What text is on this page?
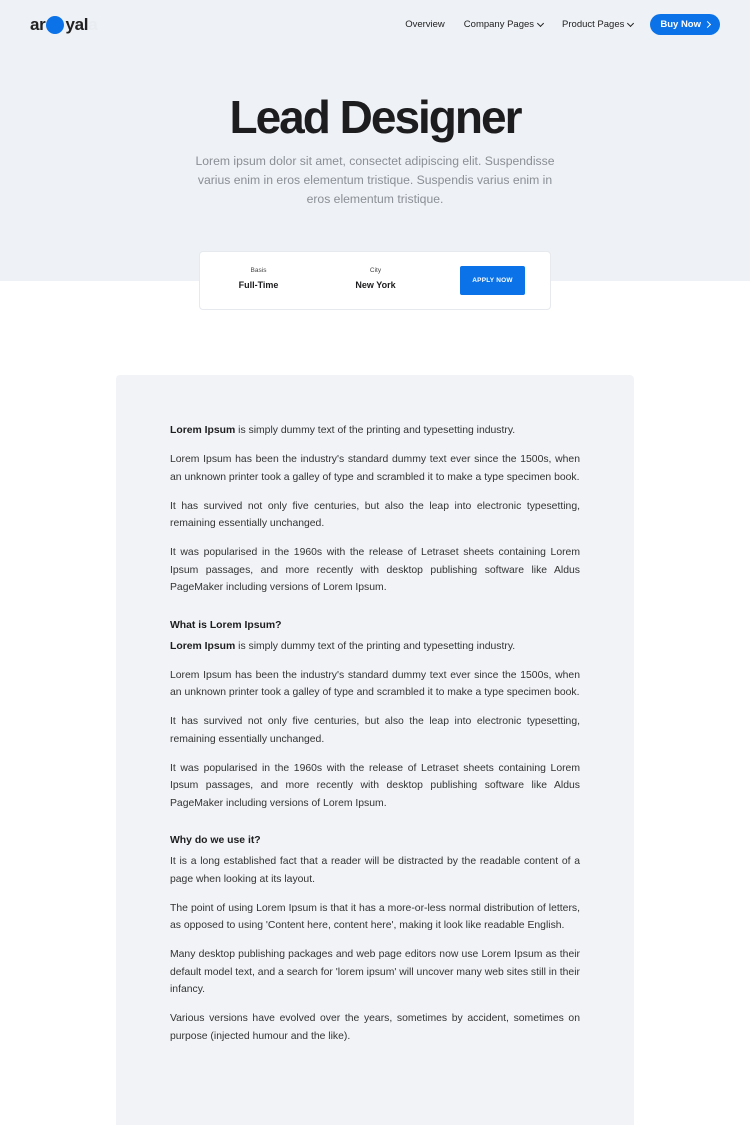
a r yal a	Overview Company Pages	Product Pages	Buy Now
Lead Designer

Lorem ipsum dolor sit amet, consectet adipiscing elit. Suspendisse varius enim in eros elementum tristique. Suspendis varius enim in eros elementum tristique.

Basis
Full-Time
City
New York	APPLY NOW

Lorem Ipsum is simply dummy text of the printing and typesetting industry.

Lorem Ipsum has been the industry's standard dummy text ever since the 1500s, when an unknown printer took a galley of type and scrambled it to make a type specimen book.

It has survived not only five centuries, but also the leap into electronic typesetting, remaining essentially unchanged.

It was popularised in the 1960s with the release of Letraset sheets containing Lorem Ipsum passages, and more recently with desktop publishing software like Aldus PageMaker including versions of Lorem Ipsum.

What is Lorem Ipsum?

Lorem Ipsum is simply dummy text of the printing and typesetting industry.

Lorem Ipsum has been the industry's standard dummy text ever since the 1500s, when an unknown printer took a galley of type and scrambled it to make a type specimen book.

It has survived not only five centuries, but also the leap into electronic typesetting, remaining essentially unchanged.

It was popularised in the 1960s with the release of Letraset sheets containing Lorem Ipsum passages, and more recently with desktop publishing software like Aldus PageMaker including versions of Lorem Ipsum.

Why do we use it?

It is a long established fact that a reader will be distracted by the readable content of a page when looking at its layout.

The point of using Lorem Ipsum is that it has a more-or-less normal distribution of letters, as opposed to using 'Content here, content here', making it look like readable English.

Many desktop publishing packages and web page editors now use Lorem Ipsum as their default model text, and a search for 'lorem ipsum' will uncover many web sites still in their infancy.

Various versions have evolved over the years, sometimes by accident, sometimes on purpose (injected humour and the like).
